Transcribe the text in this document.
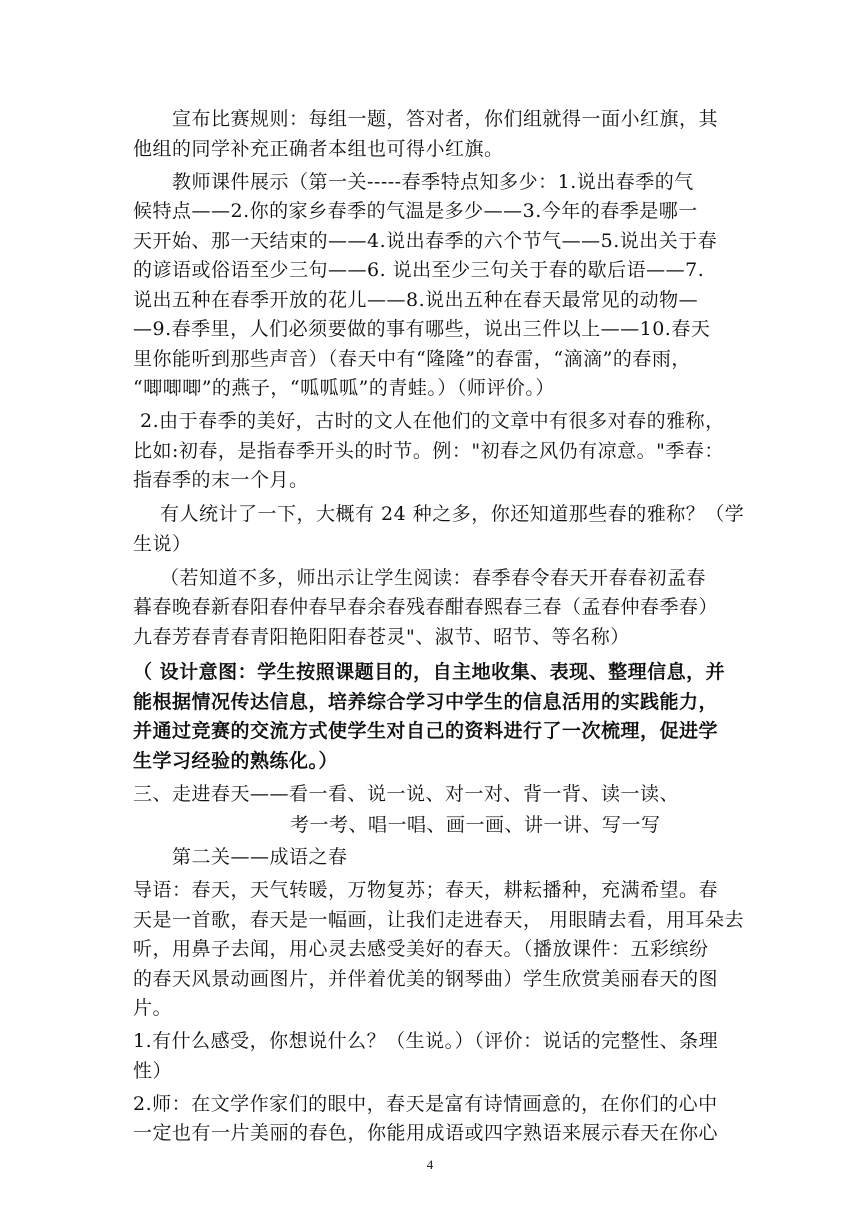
宣布比赛规则：每组一题，答对者，你们组就得一面小红旗，其
他组的同学补充正确者本组也可得小红旗。
教师课件展示（第一关-----春季特点知多少：1.说出春季的气
候特点——2.你的家乡春季的气温是多少——3.今年的春季是哪一
天开始、那一天结束的——4.说出春季的六个节气——5.说出关于春
的谚语或俗语至少三句——6. 说出至少三句关于春的歇后语——7.
说出五种在春季开放的花儿——8.说出五种在春天最常见的动物—
—9.春季里，人们必须要做的事有哪些，说出三件以上——10.春天
里你能听到那些声音）（春天中有“隆隆”的春雷，“滴滴”的春雨，
“唧唧唧”的燕子，“呱呱呱”的青蛙。）（师评价。）
2.由于春季的美好，古时的文人在他们的文章中有很多对春的雅称，
比如:初春，是指春季开头的时节。例："初春之风仍有凉意。"季春：
指春季的末一个月。
有人统计了一下，大概有 24 种之多，你还知道那些春的雅称？（学
生说）
（若知道不多，师出示让学生阅读：春季春令春天开春春初孟春
暮春晚春新春阳春仲春早春余春残春酣春熙春三春（孟春仲春季春）
九春芳春青春青阳艳阳阳春苍灵"、淑节、昭节、等名称）
（ 设计意图：学生按照课题目的，自主地收集、表现、整理信息，并
能根据情况传达信息，培养综合学习中学生的信息活用的实践能力，
并通过竞赛的交流方式使学生对自己的资料进行了一次梳理，促进学
生学习经验的熟练化。）
三、走进春天——看一看、说一说、对一对、背一背、读一读、
考一考、唱一唱、画一画、讲一讲、写一写
第二关——成语之春
导语：春天，天气转暖，万物复苏；春天，耕耘播种，充满希望。春
天是一首歌，春天是一幅画，让我们走进春天， 用眼睛去看，用耳朵去
听，用鼻子去闻，用心灵去感受美好的春天。（播放课件：五彩缤纷
的春天风景动画图片，并伴着优美的钢琴曲）学生欣赏美丽春天的图
片。
1.有什么感受，你想说什么？（生说。）（评价：说话的完整性、条理
性）
2.师：在文学作家们的眼中，春天是富有诗情画意的，在你们的心中
一定也有一片美丽的春色，你能用成语或四字熟语来展示春天在你心
4
